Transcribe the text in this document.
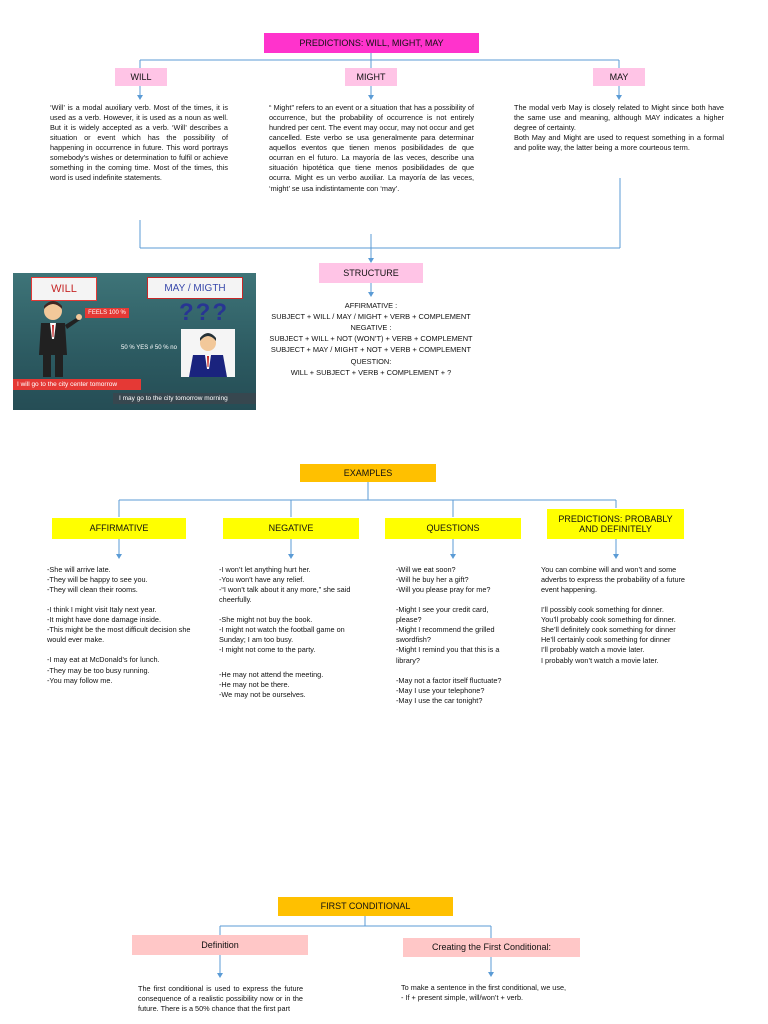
PREDICTIONS: WILL, MIGHT, MAY
WILL	MIGHT	MAY
‘Will’ is a modal auxiliary verb. Most of the times, it is used as a verb. However, it is used as a noun as well. But it is widely accepted as a verb. ‘Will’ describes a situation or event which has the possibility of happening in occurrence in future. This word portrays somebody’s wishes or determination to fulfil or achieve something in the coming time. Most of the times, this word is used indefinite statements.
“ Might” refers to an event or a situation that has a possibility of occurrence, but the probability of occurrence is not entirely hundred per cent. The event may occur, may not occur and get cancelled. Este verbo se usa generalmente para determinar aquellos eventos que tienen menos posibilidades de que ocurran en el futuro. La mayoría de las veces, describe una situación hipotética que tiene menos posibilidades de que ocurra. Might es un verbo auxiliar. La mayoría de las veces, ‘might’ se usa indistintamente con ‘may’.
The modal verb May is closely related to Might since both have the same use and meaning, although MAY indicates a higher degree of certainty.
Both May and Might are used to request something in a formal and polite way, the latter being a more courteous term.
WILL	MAY / MIGTH
FEELS 100 % ???
50 % YES # 50 % no
I will go to the city center tomorrow
I may go to the city tomorrow morning
STRUCTURE
AFFIRMATIVE :
SUBJECT + WILL / MAY / MIGHT + VERB + COMPLEMENT
NEGATIVE :
SUBJECT + WILL + NOT (WON’T) + VERB + COMPLEMENT
SUBJECT + MAY / MIGHT + NOT + VERB + COMPLEMENT
QUESTION:
WILL + SUBJECT + VERB + COMPLEMENT + ?
EXAMPLES
AFFIRMATIVE	NEGATIVE	QUESTIONS
PREDICTIONS: PROBABLY AND DEFINITELY
-She will arrive late.
-They will be happy to see you.
-They will clean their rooms.
-I think I might visit Italy next year.
-It might have done damage inside.
-This might be the most difficult decision she would ever make.
-I may eat at McDonald’s for lunch.
-They may be too busy running.
-You may follow me.
-I won’t let anything hurt her.
-You won’t have any relief.
-“I won’t talk about it any more,” she said cheerfully.
-She might not buy the book.
-I might not watch the football game on Sunday; I am too busy.
-I might not come to the party.
-He may not attend the meeting.
-He may not be there.
-We may not be ourselves.
-Will we eat soon?
-Will he buy her a gift?
-Will you please pray for me?
-Might I see your credit card, please?
-Might I recommend the grilled swordfish?
-Might I remind you that this is a library?
-May not a factor itself fluctuate?
-May I use your telephone?
-May I use the car tonight?
You can combine will and won’t and some adverbs to express the probability of a future event happening.
I’ll possibly cook something for dinner.
You’ll probably cook something for dinner.
She’ll definitely cook something for dinner
He’ll certainly cook something for dinner
I’ll probably watch a movie later.
I probably won’t watch a movie later.
FIRST CONDITIONAL
Definition	Creating the First Conditional:
The first conditional is used to express the future consequence of a realistic possibility now or in the future. There is a 50% chance that the first part
To make a sentence in the first conditional, we use,
- If + present simple, will/won’t + verb.
